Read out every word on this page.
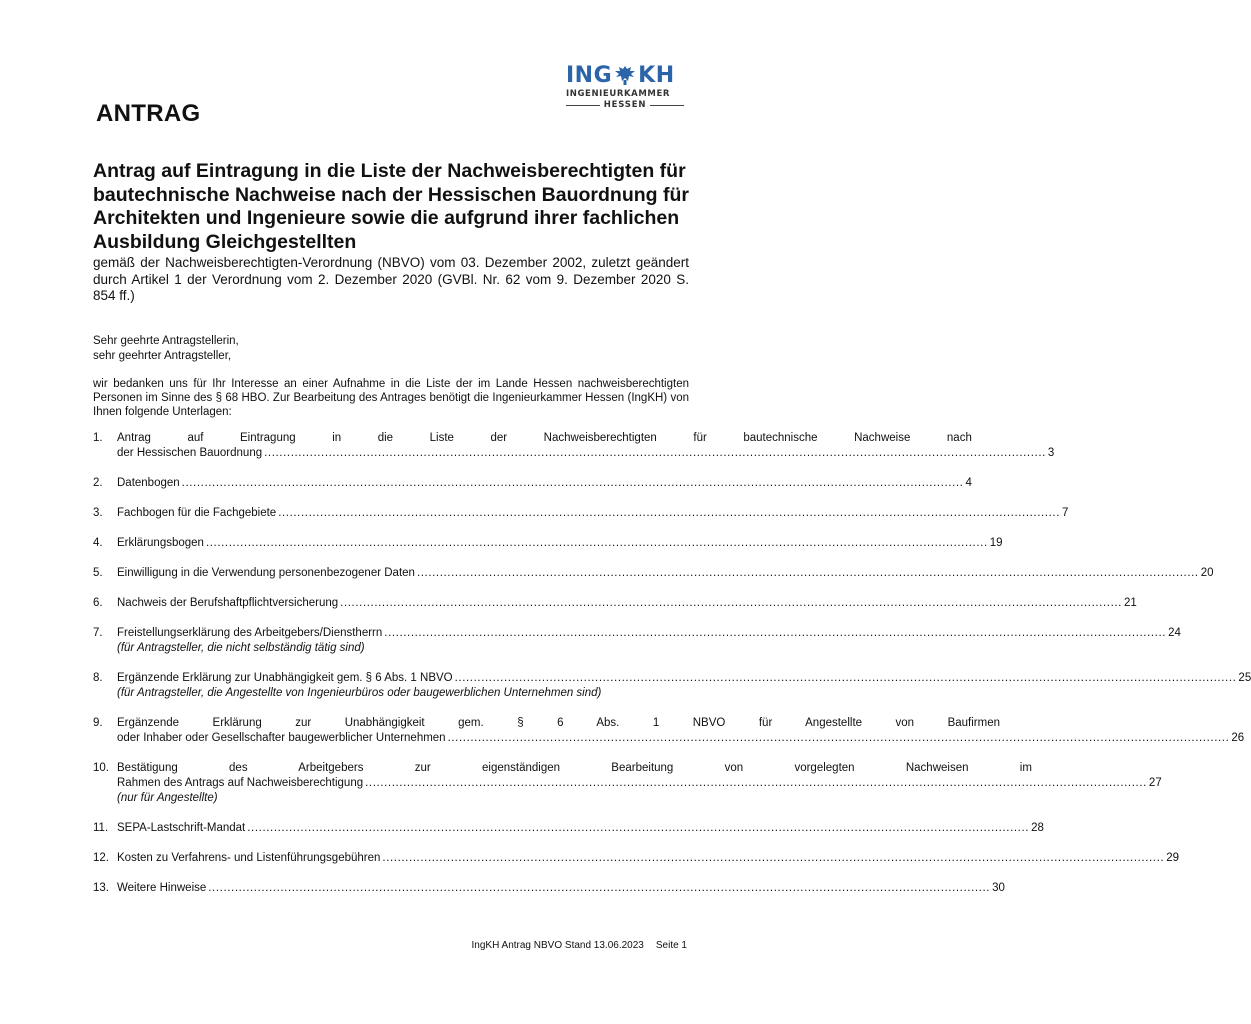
ING KH
INGENIEURKAMMER
HESSEN
ANTRAG
Antrag auf Eintragung in die Liste der Nachweisberechtigten für bautechnische Nachweise nach der Hessischen Bauordnung für Architekten und Ingenieure sowie die aufgrund ihrer fachlichen Ausbildung Gleichgestellten
gemäß der Nachweisberechtigten-Verordnung (NBVO) vom 03. Dezember 2002, zuletzt geändert durch Artikel 1 der Verordnung vom 2. Dezember 2020 (GVBl. Nr. 62 vom 9. Dezember 2020 S. 854 ff.)
Sehr geehrte Antragstellerin,
sehr geehrter Antragsteller,
wir bedanken uns für Ihr Interesse an einer Aufnahme in die Liste der im Lande Hessen nachweisberechtigten Personen im Sinne des § 68 HBO. Zur Bearbeitung des Antrages benötigt die Ingenieurkammer Hessen (IngKH) von Ihnen folgende Unterlagen:
1.	Antrag auf Eintragung in die Liste der Nachweisberechtigten für bautechnische Nachweise nach
der Hessischen Bauordnung .....	3
2.	Datenbogen .....	4
3.	Fachbogen für die Fachgebiete .....	7
4.	Erklärungsbogen .....	19
5.	Einwilligung in die Verwendung personenbezogener Daten .....	20
6.	Nachweis der Berufshaftpflichtversicherung .....	21
7.	Freistellungserklärung des Arbeitgebers/Dienstherrn .....	24
(für Antragsteller, die nicht selbständig tätig sind)
8.	Ergänzende Erklärung zur Unabhängigkeit gem. § 6 Abs. 1 NBVO .....	25
(für Antragsteller, die Angestellte von Ingenieurbüros oder baugewerblichen Unternehmen sind)
9.	Ergänzende Erklärung zur Unabhängigkeit gem. § 6 Abs. 1 NBVO für Angestellte von Baufirmen
oder Inhaber oder Gesellschafter baugewerblicher Unternehmen .....	26
10. Bestätigung des Arbeitgebers zur eigenständigen Bearbeitung von vorgelegten Nachweisen im
Rahmen des Antrags auf Nachweisberechtigung .....	27
(nur für Angestellte)
11. SEPA-Lastschrift-Mandat .....	28
12. Kosten zu Verfahrens- und Listenführungsgebühren .....	29
13. Weitere Hinweise .....	30
IngKH Antrag NBVO Stand 13.06.2023 Seite 1
